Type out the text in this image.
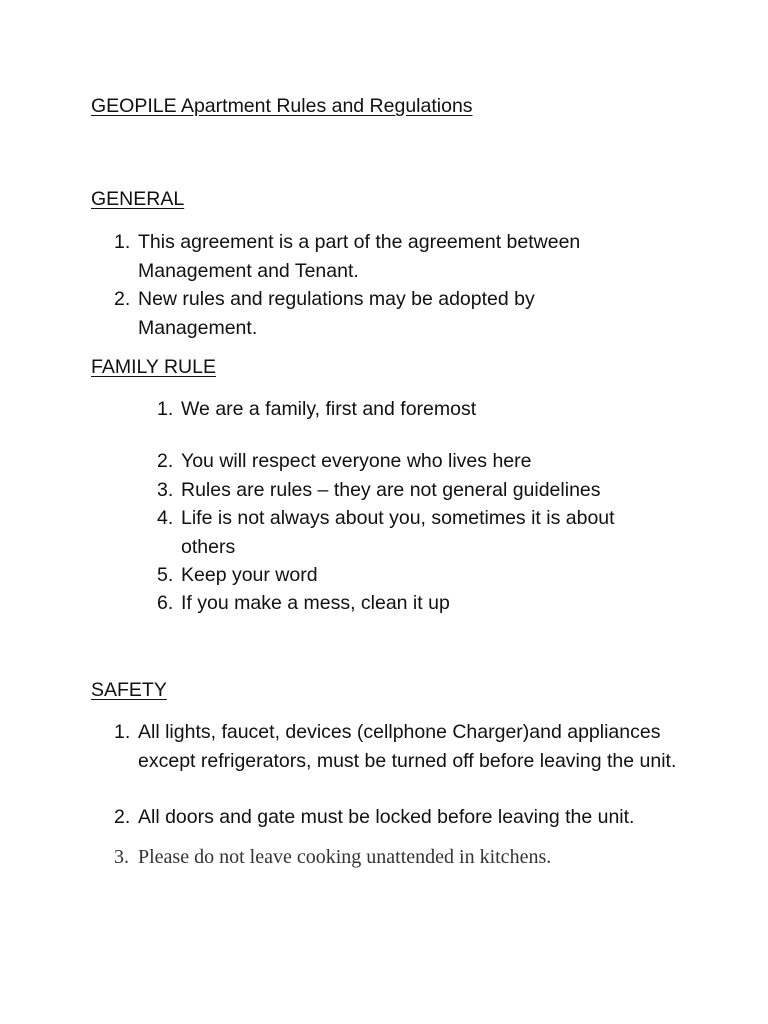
GEOPILE Apartment Rules and Regulations
GENERAL
1. This agreement is a part of the agreement between Management and Tenant.
2. New rules and regulations may be adopted by Management.
FAMILY RULE
1. We are a family, first and foremost
2. You will respect everyone who lives here
3. Rules are rules – they are not general guidelines
4. Life is not always about you, sometimes it is about others
5. Keep your word
6. If you make a mess, clean it up
SAFETY
1. All lights, faucet, devices (cellphone Charger)and appliances except refrigerators, must be turned off before leaving the unit.
2. All doors and gate must be locked before leaving the unit.
3. Please do not leave cooking unattended in kitchens.
